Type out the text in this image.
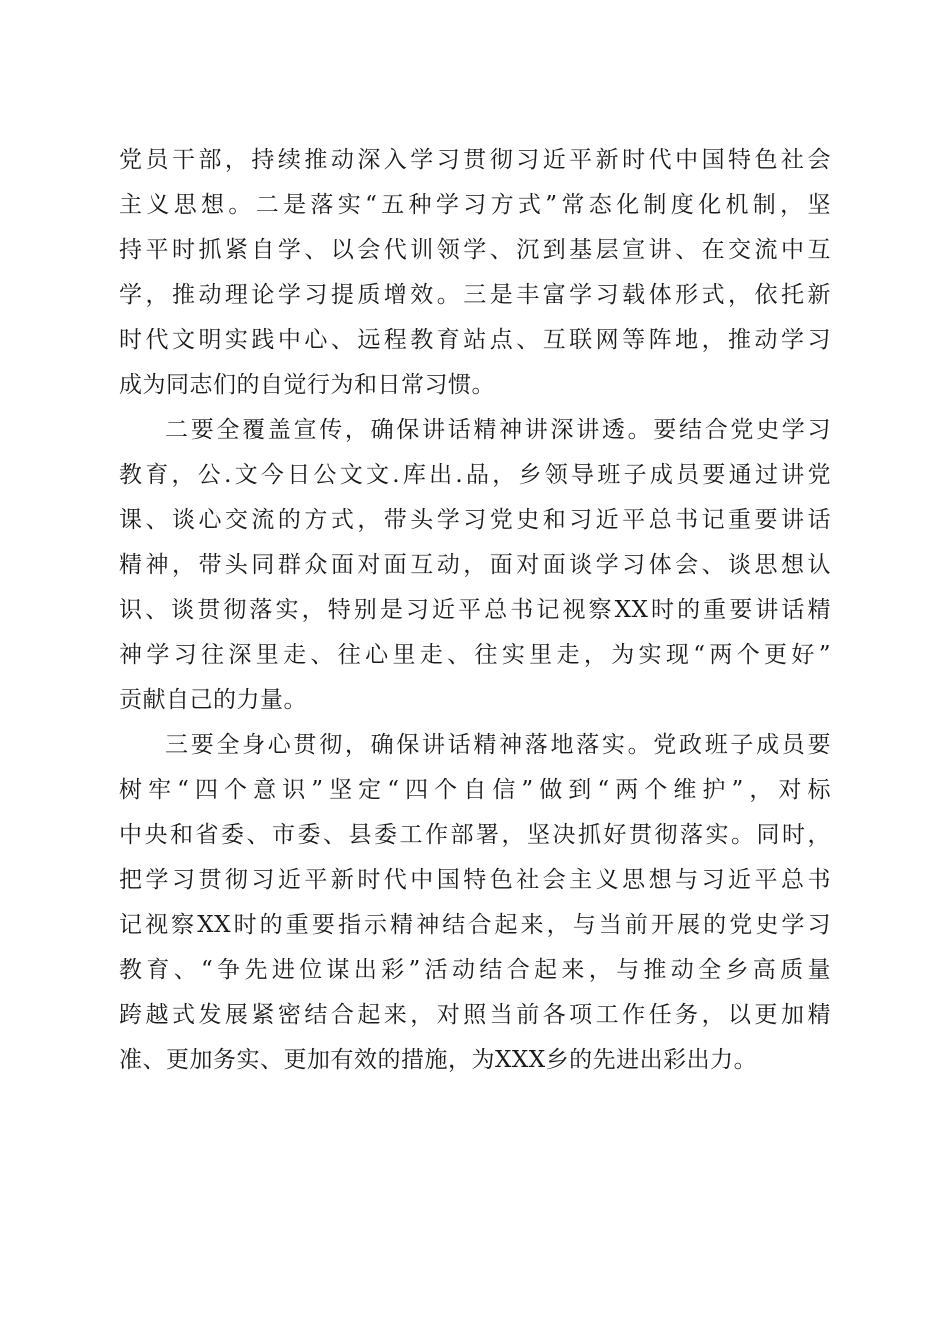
党员干部，持续推动深入学习贯彻习近平新时代中国特色社会
主义思想。二是落实“五种学习方式”常态化制度化机制，坚
持平时抓紧自学、以会代训领学、沉到基层宣讲、在交流中互
学，推动理论学习提质增效。三是丰富学习载体形式，依托新
时代文明实践中心、远程教育站点、互联网等阵地，推动学习
成为同志们的自觉行为和日常习惯。

二要全覆盖宣传，确保讲话精神讲深讲透。要结合党史学习
教育，公.文今日公文文.库出.品，乡领导班子成员要通过讲党
课、谈心交流的方式，带头学习党史和习近平总书记重要讲话
精神，带头同群众面对面互动，面对面谈学习体会、谈思想认
识、谈贯彻落实，特别是习近平总书记视察XX时的重要讲话精
神学习往深里走、往心里走、往实里走，为实现“两个更好”
贡献自己的力量。

三要全身心贯彻，确保讲话精神落地落实。党政班子成员要
树牢“四个意识”坚定“四个自信”做到“两个维护”，对标
中央和省委、市委、县委工作部署，坚决抓好贯彻落实。同时，
把学习贯彻习近平新时代中国特色社会主义思想与习近平总书
记视察XX时的重要指示精神结合起来，与当前开展的党史学习
教育、“争先进位谋出彩”活动结合起来，与推动全乡高质量
跨越式发展紧密结合起来，对照当前各项工作任务，以更加精
准、更加务实、更加有效的措施，为XXX乡的先进出彩出力。
